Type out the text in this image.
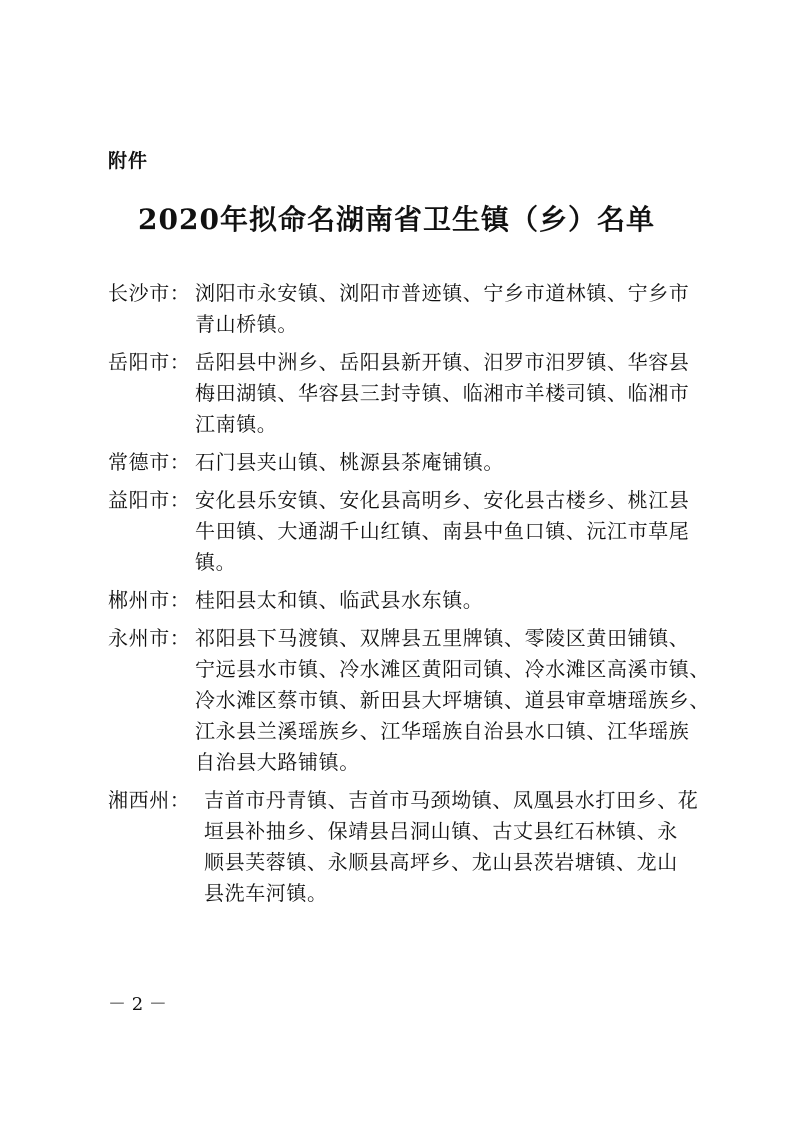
附件
2020年拟命名湖南省卫生镇（乡）名单
长沙市： 浏阳市永安镇、浏阳市普迹镇、宁乡市道林镇、宁乡市
青山桥镇。
岳阳市： 岳阳县中洲乡、岳阳县新开镇、汨罗市汨罗镇、华容县
梅田湖镇、华容县三封寺镇、临湘市羊楼司镇、临湘市
江南镇。
常德市： 石门县夹山镇、桃源县茶庵铺镇。
益阳市： 安化县乐安镇、安化县高明乡、安化县古楼乡、桃江县
牛田镇、大通湖千山红镇、南县中鱼口镇、沅江市草尾
镇。
郴州市： 桂阳县太和镇、临武县水东镇。
永州市： 祁阳县下马渡镇、双牌县五里牌镇、零陵区黄田铺镇、
宁远县水市镇、冷水滩区黄阳司镇、冷水滩区高溪市镇、
冷水滩区蔡市镇、新田县大坪塘镇、道县审章塘瑶族乡、
江永县兰溪瑶族乡、江华瑶族自治县水口镇、江华瑶族
自治县大路铺镇。
湘西州： 吉首市丹青镇、吉首市马颈坳镇、凤凰县水打田乡、花
垣县补抽乡、保靖县吕洞山镇、古丈县红石林镇、永
顺县芙蓉镇、永顺县高坪乡、龙山县茨岩塘镇、龙山
县洗车河镇。
－ 2 －
